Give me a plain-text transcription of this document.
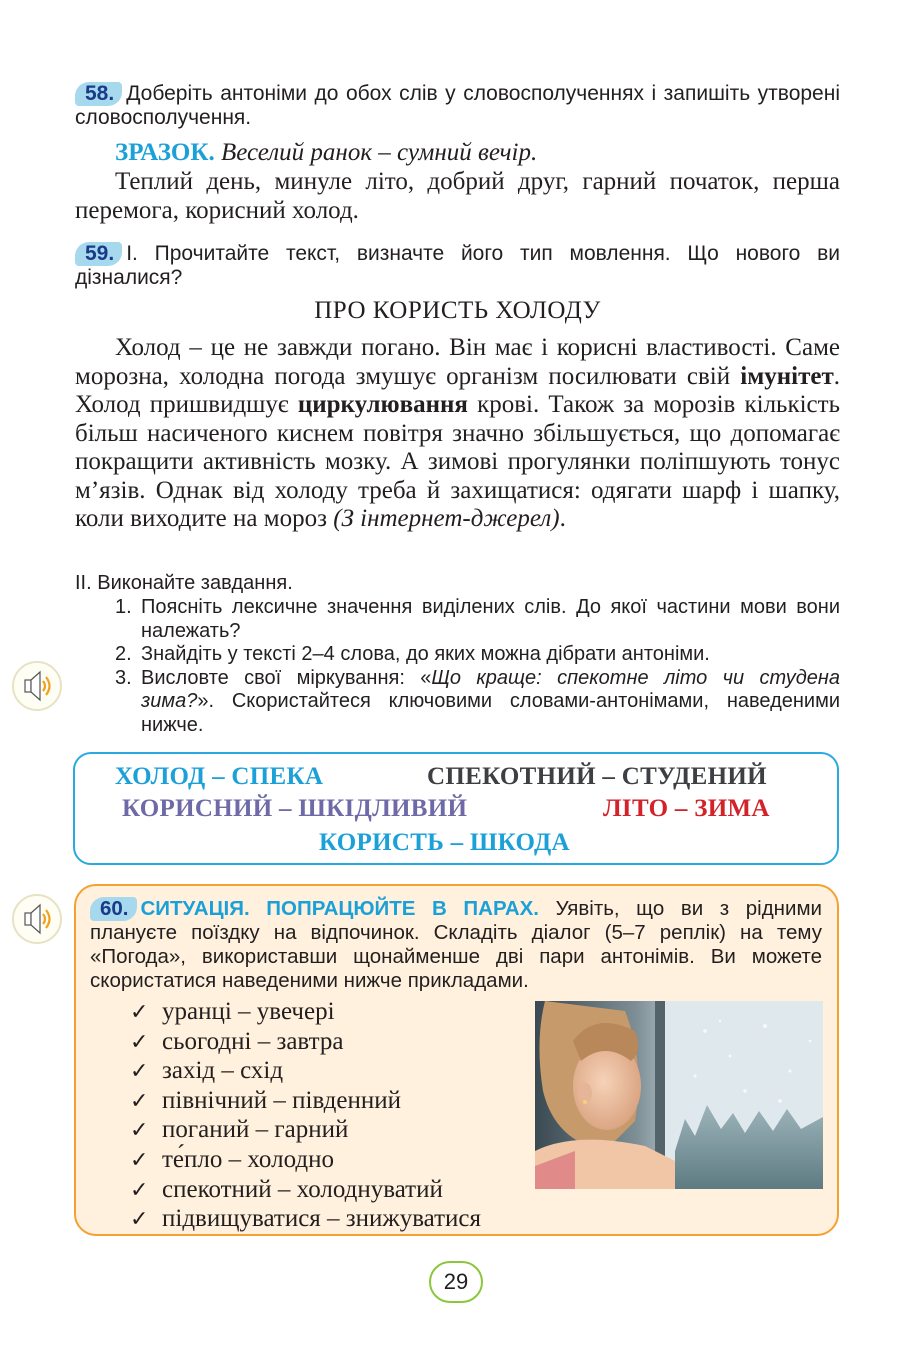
58. Доберіть антоніми до обох слів у словосполученнях і запишіть утворені словосполучення.
ЗРАЗОК. Веселий ранок – сумний вечір.
Теплий день, минуле літо, добрий друг, гарний початок, перша перемога, корисний холод.
59. І. Прочитайте текст, визначте його тип мовлення. Що нового ви дізналися?
ПРО КОРИСТЬ ХОЛОДУ
Холод – це не завжди погано. Він має і корисні властивості. Саме морозна, холодна погода змушує організм посилювати свій імунітет. Холод пришвидшує циркулювання крові. Також за морозів кількість більш насиченого киснем повітря значно збільшується, що допомагає покращити активність мозку. А зимові прогулянки поліпшують тонус м’язів. Однак від холоду треба й захищатися: одягати шарф і шапку, коли виходите на мороз (З інтернет-джерел).
ІІ. Виконайте завдання.
1. Поясніть лексичне значення виділених слів. До якої частини мови вони належать?
2. Знайдіть у тексті 2–4 слова, до яких можна дібрати антоніми.
3. Висловте свої міркування: «Що краще: спекотне літо чи студена зима?». Скористайтеся ключовими словами-антонімами, наведеними нижче.
ХОЛОД – СПЕКА	СПЕКОТНИЙ – СТУДЕНИЙ
КОРИСНИЙ – ШКІДЛИВИЙ	ЛІТО – ЗИМА
КОРИСТЬ – ШКОДА
60. СИТУАЦІЯ. ПОПРАЦЮЙТЕ В ПАРАХ. Уявіть, що ви з рідними плануєте поїздку на відпочинок. Складіть діалог (5–7 реплік) на тему «Погода», використавши щонайменше дві пари антонімів. Ви можете скористатися наведеними нижче прикладами.
✓ уранці – увечері
✓ сьогодні – завтра
✓ захід – схід
✓ північний – південний
✓ поганий – гарний
✓ те́пло – холодно
✓ спекотний – холоднуватий
✓ підвищуватися – знижуватися
29
